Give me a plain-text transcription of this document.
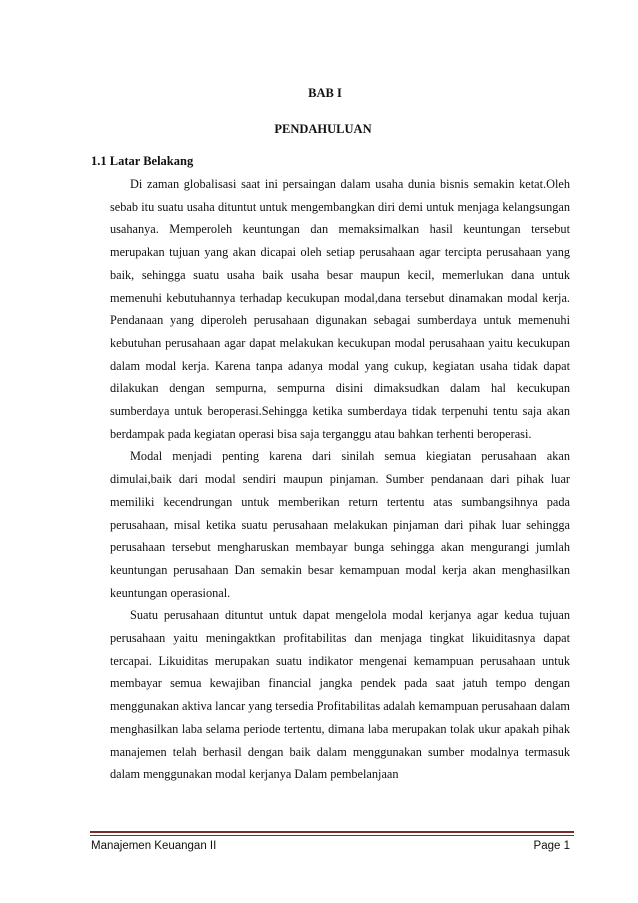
BAB I
PENDAHULUAN
1.1 Latar Belakang

Di zaman globalisasi saat ini persaingan dalam usaha dunia bisnis semakin ketat.Oleh sebab itu suatu usaha dituntut untuk mengembangkan diri demi untuk menjaga kelangsungan usahanya. Memperoleh keuntungan dan memaksimalkan hasil keuntungan tersebut merupakan tujuan yang akan dicapai oleh setiap perusahaan agar tercipta perusahaan yang baik, sehingga suatu usaha baik usaha besar maupun kecil, memerlukan dana untuk memenuhi kebutuhannya terhadap kecukupan modal,dana tersebut dinamakan modal kerja. Pendanaan yang diperoleh perusahaan digunakan sebagai sumberdaya untuk memenuhi kebutuhan perusahaan agar dapat melakukan kecukupan modal perusahaan yaitu kecukupan dalam modal kerja. Karena tanpa adanya modal yang cukup, kegiatan usaha tidak dapat dilakukan dengan sempurna, sempurna disini dimaksudkan dalam hal kecukupan sumberdaya untuk beroperasi.Sehingga ketika sumberdaya tidak terpenuhi tentu saja akan berdampak pada kegiatan operasi bisa saja terganggu atau bahkan terhenti beroperasi.

Modal menjadi penting karena dari sinilah semua kiegiatan perusahaan akan dimulai,baik dari modal sendiri maupun pinjaman. Sumber pendanaan dari pihak luar memiliki kecendrungan untuk memberikan return tertentu atas sumbangsihnya pada perusahaan, misal ketika suatu perusahaan melakukan pinjaman dari pihak luar sehingga perusahaan tersebut mengharuskan membayar bunga sehingga akan mengurangi jumlah keuntungan perusahaan Dan semakin besar kemampuan modal kerja akan menghasilkan keuntungan operasional.

Suatu perusahaan dituntut untuk dapat mengelola modal kerjanya agar kedua tujuan perusahaan yaitu meningaktkan profitabilitas dan menjaga tingkat likuiditasnya dapat tercapai. Likuiditas merupakan suatu indikator mengenai kemampuan perusahaan untuk membayar semua kewajiban financial jangka pendek pada saat jatuh tempo dengan menggunakan aktiva lancar yang tersedia Profitabilitas adalah kemampuan perusahaan dalam menghasilkan laba selama periode tertentu, dimana laba merupakan tolak ukur apakah pihak manajemen telah berhasil dengan baik dalam menggunakan sumber modalnya termasuk dalam menggunakan modal kerjanya Dalam pembelanjaan

Manajemen Keuangan II	Page 1
